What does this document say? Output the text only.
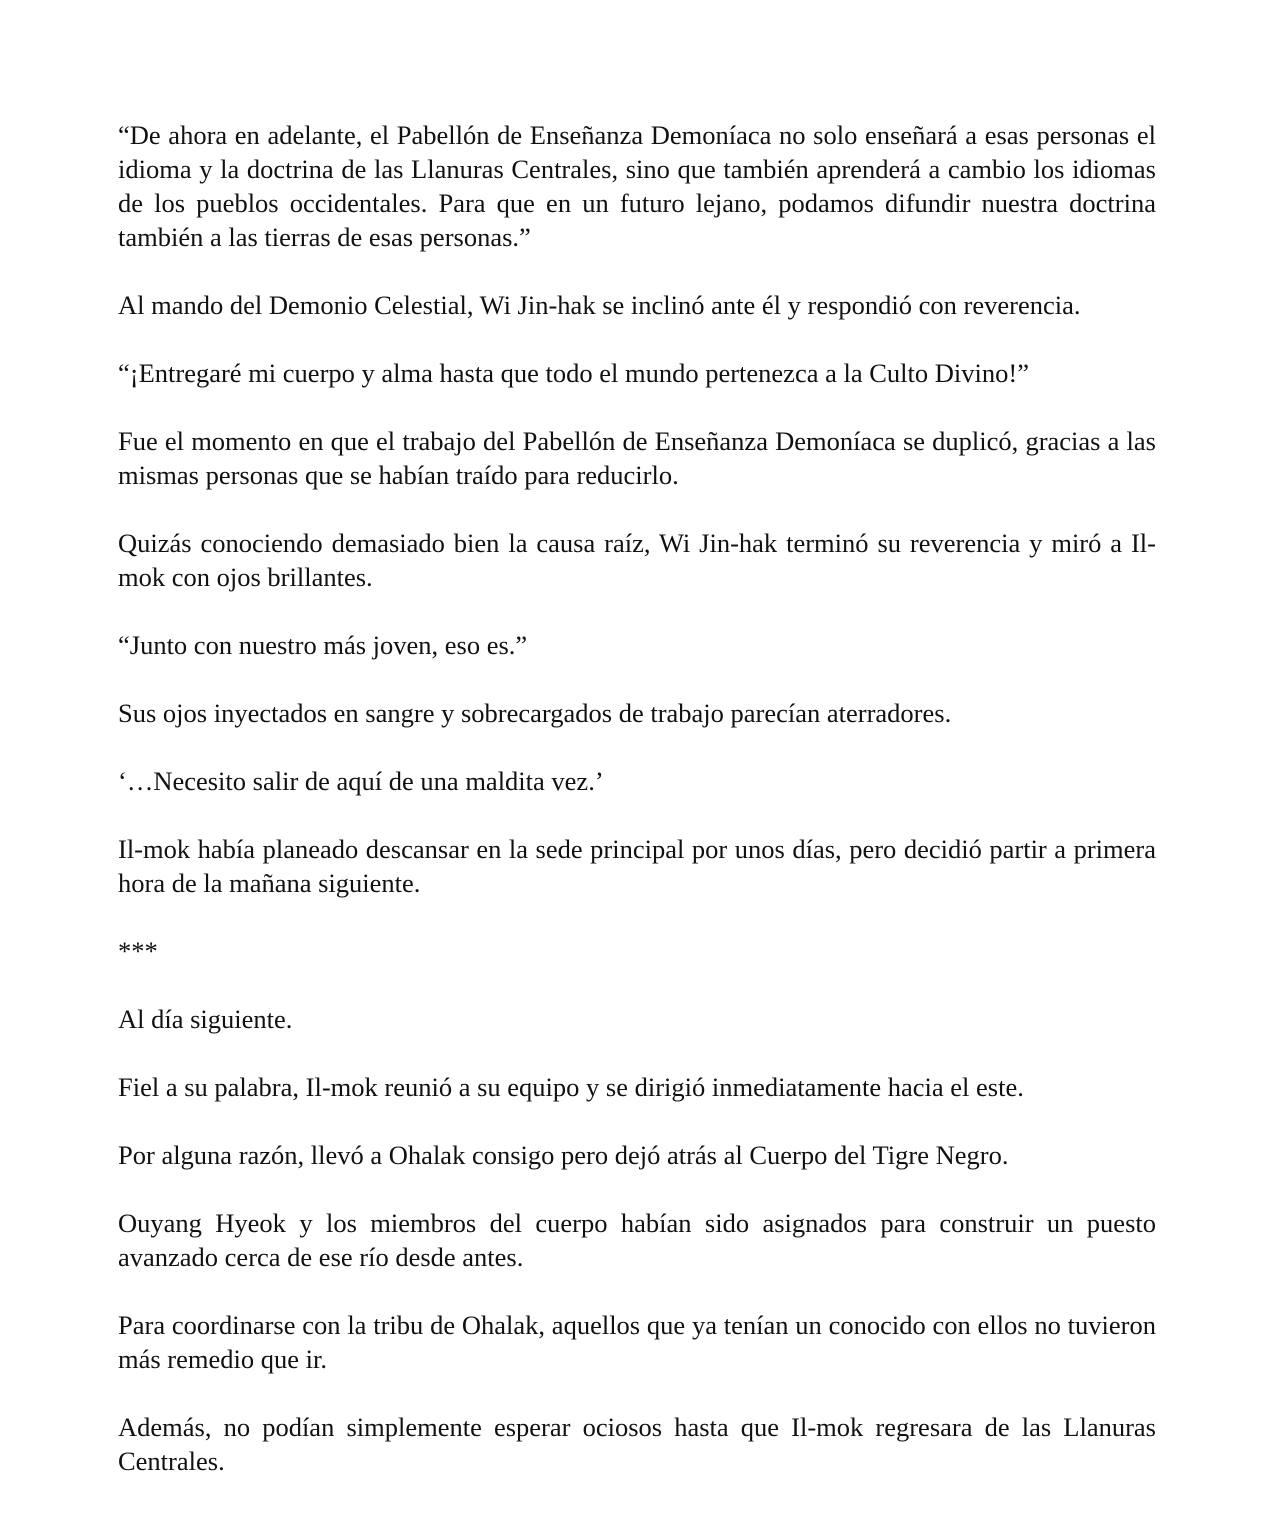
“De ahora en adelante, el Pabellón de Enseñanza Demoníaca no solo enseñará a esas personas el idioma y la doctrina de las Llanuras Centrales, sino que también aprenderá a cambio los idiomas de los pueblos occidentales. Para que en un futuro lejano, podamos difundir nuestra doctrina también a las tierras de esas personas.”

Al mando del Demonio Celestial, Wi Jin-hak se inclinó ante él y respondió con reverencia.

“¡Entregaré mi cuerpo y alma hasta que todo el mundo pertenezca a la Culto Divino!”

Fue el momento en que el trabajo del Pabellón de Enseñanza Demoníaca se duplicó, gracias a las mismas personas que se habían traído para reducirlo.

Quizás conociendo demasiado bien la causa raíz, Wi Jin-hak terminó su reverencia y miró a Il-mok con ojos brillantes.

“Junto con nuestro más joven, eso es.”

Sus ojos inyectados en sangre y sobrecargados de trabajo parecían aterradores.

‘…Necesito salir de aquí de una maldita vez.’

Il-mok había planeado descansar en la sede principal por unos días, pero decidió partir a primera hora de la mañana siguiente.

***

Al día siguiente.

Fiel a su palabra, Il-mok reunió a su equipo y se dirigió inmediatamente hacia el este.

Por alguna razón, llevó a Ohalak consigo pero dejó atrás al Cuerpo del Tigre Negro.

Ouyang Hyeok y los miembros del cuerpo habían sido asignados para construir un puesto avanzado cerca de ese río desde antes.

Para coordinarse con la tribu de Ohalak, aquellos que ya tenían un conocido con ellos no tuvieron más remedio que ir.

Además, no podían simplemente esperar ociosos hasta que Il-mok regresara de las Llanuras Centrales.
